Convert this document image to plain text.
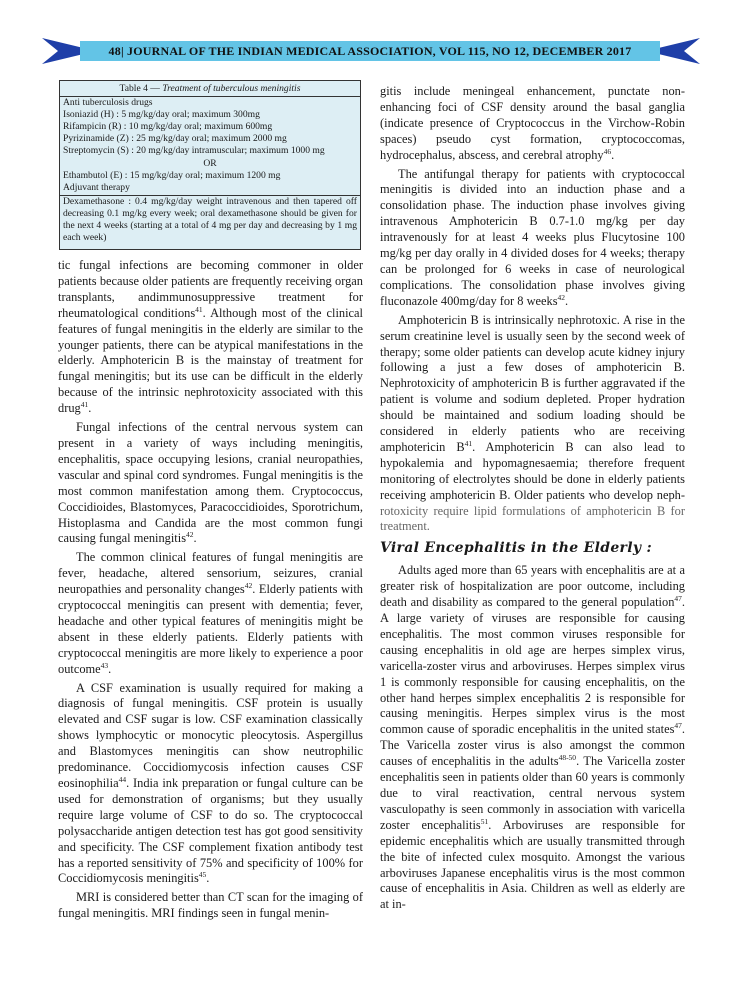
48| JOURNAL OF THE INDIAN MEDICAL ASSOCIATION, VOL 115, NO 12, DECEMBER 2017
Table 4 — Treatment of tuberculous meningitis
Anti tuberculosis drugs
Isoniazid (H) : 5 mg/kg/day oral; maximum 300mg
Rifampicin (R) : 10 mg/kg/day oral; maximum 600mg
Pyrizinamide (Z) : 25 mg/kg/day oral; maximum 2000 mg
Streptomycin (S) : 20 mg/kg/day intramuscular; maximum 1000 mg
OR
Ethambutol (E) : 15 mg/kg/day oral; maximum 1200 mg
Adjuvant therapy
Dexamethasone : 0.4 mg/kg/day weight intravenous and then tapered off decreasing 0.1 mg/kg every week; oral dexamethasone should be given for the next 4 weeks (starting at a total of 4 mg per day and decreasing by 1 mg each week)

tic fungal infections are becoming commoner in older patients because older patients are frequently receiving organ transplants, andimmunosuppressive treatment for rheumatological conditions$^{41}$. Although most of the clinical features of fungal meningitis in the elderly are similar to the younger patients, there can be atypical manifestations in the elderly. Amphotericin B is the mainstay of treatment for fungal meningitis; but its use can be difficult in the elderly because of the intrinsic nephrotoxicity associated with this drug$^{41}$.

Fungal infections of the central nervous system can present in a variety of ways including meningitis, encephalitis, space occupying lesions, cranial neuropathies, vascular and spinal cord syndromes. Fungal meningitis is the most common manifestation among them. Cryptococcus, Coccidioides, Blastomyces, Paracoccidioides, Sporotrichum, Histoplasma and Candida are the most common fungi causing fungal meningitis$^{42}$.

The common clinical features of fungal meningitis are fever, headache, altered sensorium, seizures, cranial neuropathies and personality changes$^{42}$. Elderly patients with cryptococcal meningitis can present with dementia; fever, headache and other typical features of meningitis might be absent in these elderly patients. Elderly patients with cryptococcal meningitis are more likely to experience a poor outcome$^{43}$.

A CSF examination is usually required for making a diagnosis of fungal meningitis. CSF protein is usually elevated and CSF sugar is low. CSF examination classically shows lymphocytic or monocytic pleocytosis. Aspergillus and Blastomyces meningitis can show neutrophilic predominance. Coccidiomycosis infection causes CSF eosinophilia$^{44}$. India ink preparation or fungal culture can be used for demonstration of organisms; but they usually require large volume of CSF to do so. The cryptococcal polysaccharide antigen detection test has got good sensitivity and specificity. The CSF complement fixation antibody test has a reported sensitivity of 75% and specificity of 100% for Coccidiomycosis meningitis$^{45}$.

MRI is considered better than CT scan for the imaging of fungal meningitis. MRI findings seen in fungal menin-

gitis include meningeal enhancement, punctate non-enhancing foci of CSF density around the basal ganglia (indicate presence of Cryptococcus in the Virchow-Robin spaces) pseudo cyst formation, cryptococcomas, hydrocephalus, abscess, and cerebral atrophy$^{46}$.

The antifungal therapy for patients with cryptococcal meningitis is divided into an induction phase and a consolidation phase. The induction phase involves giving intravenous Amphotericin B 0.7-1.0 mg/kg per day intravenously for at least 4 weeks plus Flucytosine 100 mg/kg per day orally in 4 divided doses for 4 weeks; therapy can be prolonged for 6 weeks in case of neurological complications. The consolidation phase involves giving fluconazole 400mg/day for 8 weeks$^{42}$.

Amphotericin B is intrinsically nephrotoxic. A rise in the serum creatinine level is usually seen by the second week of therapy; some older patients can develop acute kidney injury following a just a few doses of amphotericin B. Nephrotoxicity of amphotericin B is further aggravated if the patient is volume and sodium depleted. Proper hydration should be maintained and sodium loading should be considered in elderly patients who are receiving amphotericin $B^{41}$. Amphotericin B can also lead to hypokalemia and hypomagnesaemia; therefore frequent monitoring of electrolytes should be done in elderly patients receiving amphotericin B. Older patients who develop neph- rotoxicity require lipid formulations of amphotericin B for treatment.

Viral Encephalitis in the Elderly :

Adults aged more than 65 years with encephalitis are at a greater risk of hospitalization are poor outcome, including death and disability as compared to the general population$^{47}$. A large variety of viruses are responsible for causing encephalitis. The most common viruses responsible for causing encephalitis in old age are herpes simplex virus, varicella-zoster virus and arboviruses. Herpes simplex virus 1 is commonly responsible for causing encephalitis, on the other hand herpes simplex encephalitis 2 is responsible for causing meningitis. Herpes simplex virus is the most common cause of sporadic encephalitis in the united states$^{47}$. The Varicella zoster virus is also amongst the common causes of encephalitis in the adults$^{48-50}$. The Varicella zoster encephalitis seen in patients older than 60 years is commonly due to viral reactivation, central nervous system vasculopathy is seen commonly in association with varicella zoster encephalitis$^{51}$. Arboviruses are responsible for epidemic encephalitis which are usually transmitted through the bite of infected culex mosquito. Amongst the various arboviruses Japanese encephalitis virus is the most common cause of encephalitis in Asia. Children as well as elderly are at in-
